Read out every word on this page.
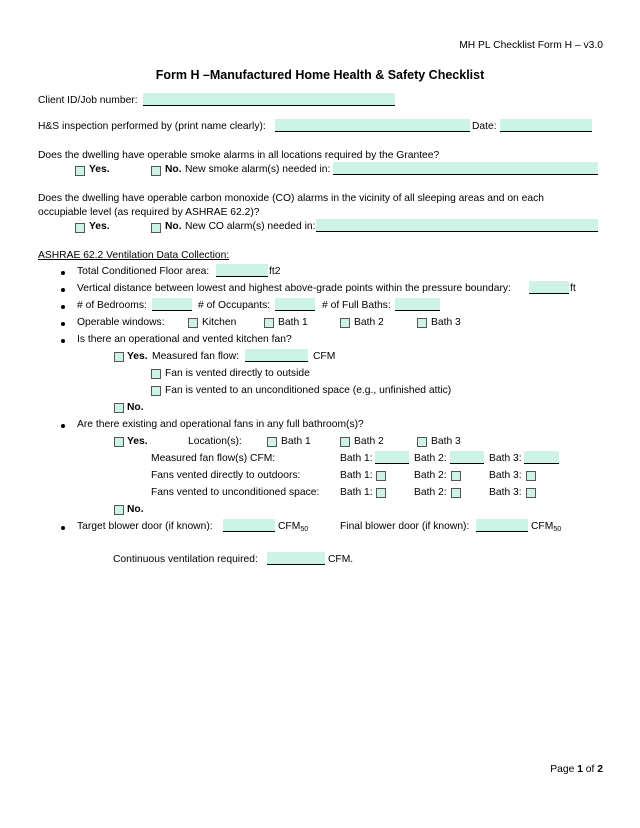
MH PL Checklist Form H – v3.0
Form H –Manufactured Home Health & Safety Checklist
Client ID/Job number:
H&S inspection performed by (print name clearly):	Date:
Does the dwelling have operable smoke alarms in all locations required by the Grantee?
Yes.	No. New smoke alarm(s) needed in:
Does the dwelling have operable carbon monoxide (CO) alarms in the vicinity of all sleeping areas and on each
occupiable level (as required by ASHRAE 62.2)?
Yes.	No. New CO alarm(s) needed in:
ASHRAE 62.2 Ventilation Data Collection:
Total Conditioned Floor area:	ft2
Vertical distance between lowest and highest above-grade points within the pressure boundary:	ft
# of Bedrooms:	# of Occupants:	# of Full Baths:
Operable windows:	Kitchen	Bath 1	Bath 2	Bath 3
Is there an operational and vented kitchen fan?
Yes. Measured fan flow:	CFM
Fan is vented directly to outside
Fan is vented to an unconditioned space (e.g., unfinished attic)
No.
Are there existing and operational fans in any full bathroom(s)?
Yes.	Location(s):	Bath 1	Bath 2	Bath 3
Measured fan flow(s) CFM:	Bath 1:	Bath 2:	Bath 3:
Fans vented directly to outdoors:	Bath 1:	Bath 2:	Bath 3:
Fans vented to unconditioned space: Bath 1:	Bath 2:	Bath 3:
No.
Target blower door (if known):	$CFM_{50}$	Final blower door (if known):	$CFM_{50}$
Continuous ventilation required:	CFM.
Page 1 of 2
